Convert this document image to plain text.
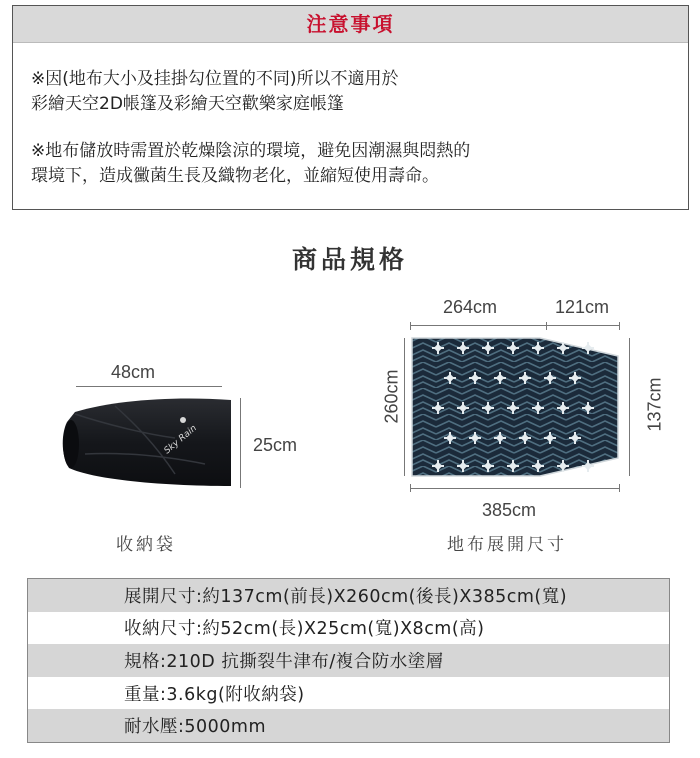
注意事項
※因(地布大小及挂掛勾位置的不同)所以不適用於
彩繪天空2D帳篷及彩繪天空歡樂家庭帳篷
※地布儲放時需置於乾燥陰涼的環境，避免因潮濕與悶熱的
環境下，造成黴菌生長及織物老化，並縮短使用壽命。
商品規格
48cm
25cm
Sky Rain
收納袋
264cm	121cm
260cm	137cm
385cm
地布展開尺寸
展開尺寸:約137cm(前長)X260cm(後長)X385cm(寬)
收納尺寸:約52cm(長)X25cm(寬)X8cm(高)
規格:210D 抗撕裂牛津布/複合防水塗層
重量:3.6kg(附收納袋)
耐水壓:5000mm
